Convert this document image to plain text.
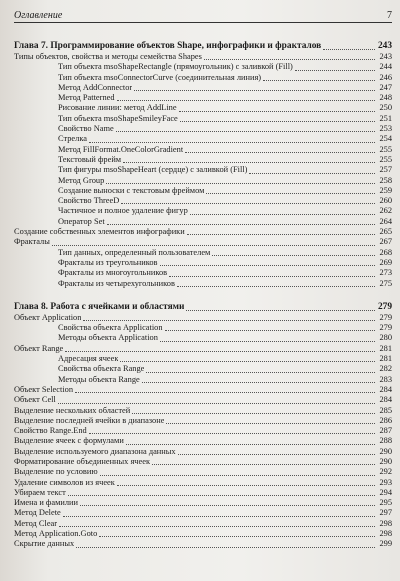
Оглавление	7
Глава 7. Программирование объектов Shape, инфографики и фракталов	243
Типы объектов, свойства и методы семейства Shapes	243
Тип объекта msoShapeRectangle (прямоугольник) с заливкой (Fill)	244
Тип объекта msoConnectorCurve (соединительная линия)	246
Метод AddConnector	247
Метод Patterned	248
Рисование линии: метод AddLine	250
Тип объекта msoShapeSmileyFace	251
Свойство Name	253
Стрелка	254
Метод FillFormat.OneColorGradient	255
Текстовый фрейм	255
Тип фигуры msoShapeHeart (сердце) с заливкой (Fill)	257
Метод Group	258
Создание выноски с текстовым фреймом	259
Свойство ThreeD	260
Частичное и полное удаление фигур	262
Оператор Set	264
Создание собственных элементов инфографики	265
Фракталы	267
Тип данных, определенный пользователем	268
Фракталы из треугольников	269
Фракталы из многоугольников	273
Фракталы из четырехугольников	275
Глава 8. Работа с ячейками и областями	279
Объект Application	279
Свойства объекта Application	279
Методы объекта Application	280
Объект Range	281
Адресация ячеек	281
Свойства объекта Range	282
Методы объекта Range	283
Объект Selection	284
Объект Cell	284
Выделение нескольких областей	285
Выделение последней ячейки в диапазоне	286
Свойство Range.End	287
Выделение ячеек с формулами	288
Выделение используемого диапазона данных	290
Форматирование объединенных ячеек	290
Выделение по условию	292
Удаление символов из ячеек	293
Убираем текст	294
Имена и фамилии	295
Метод Delete	297
Метод Clear	298
Метод Application.Goto	298
Скрытие данных	299
